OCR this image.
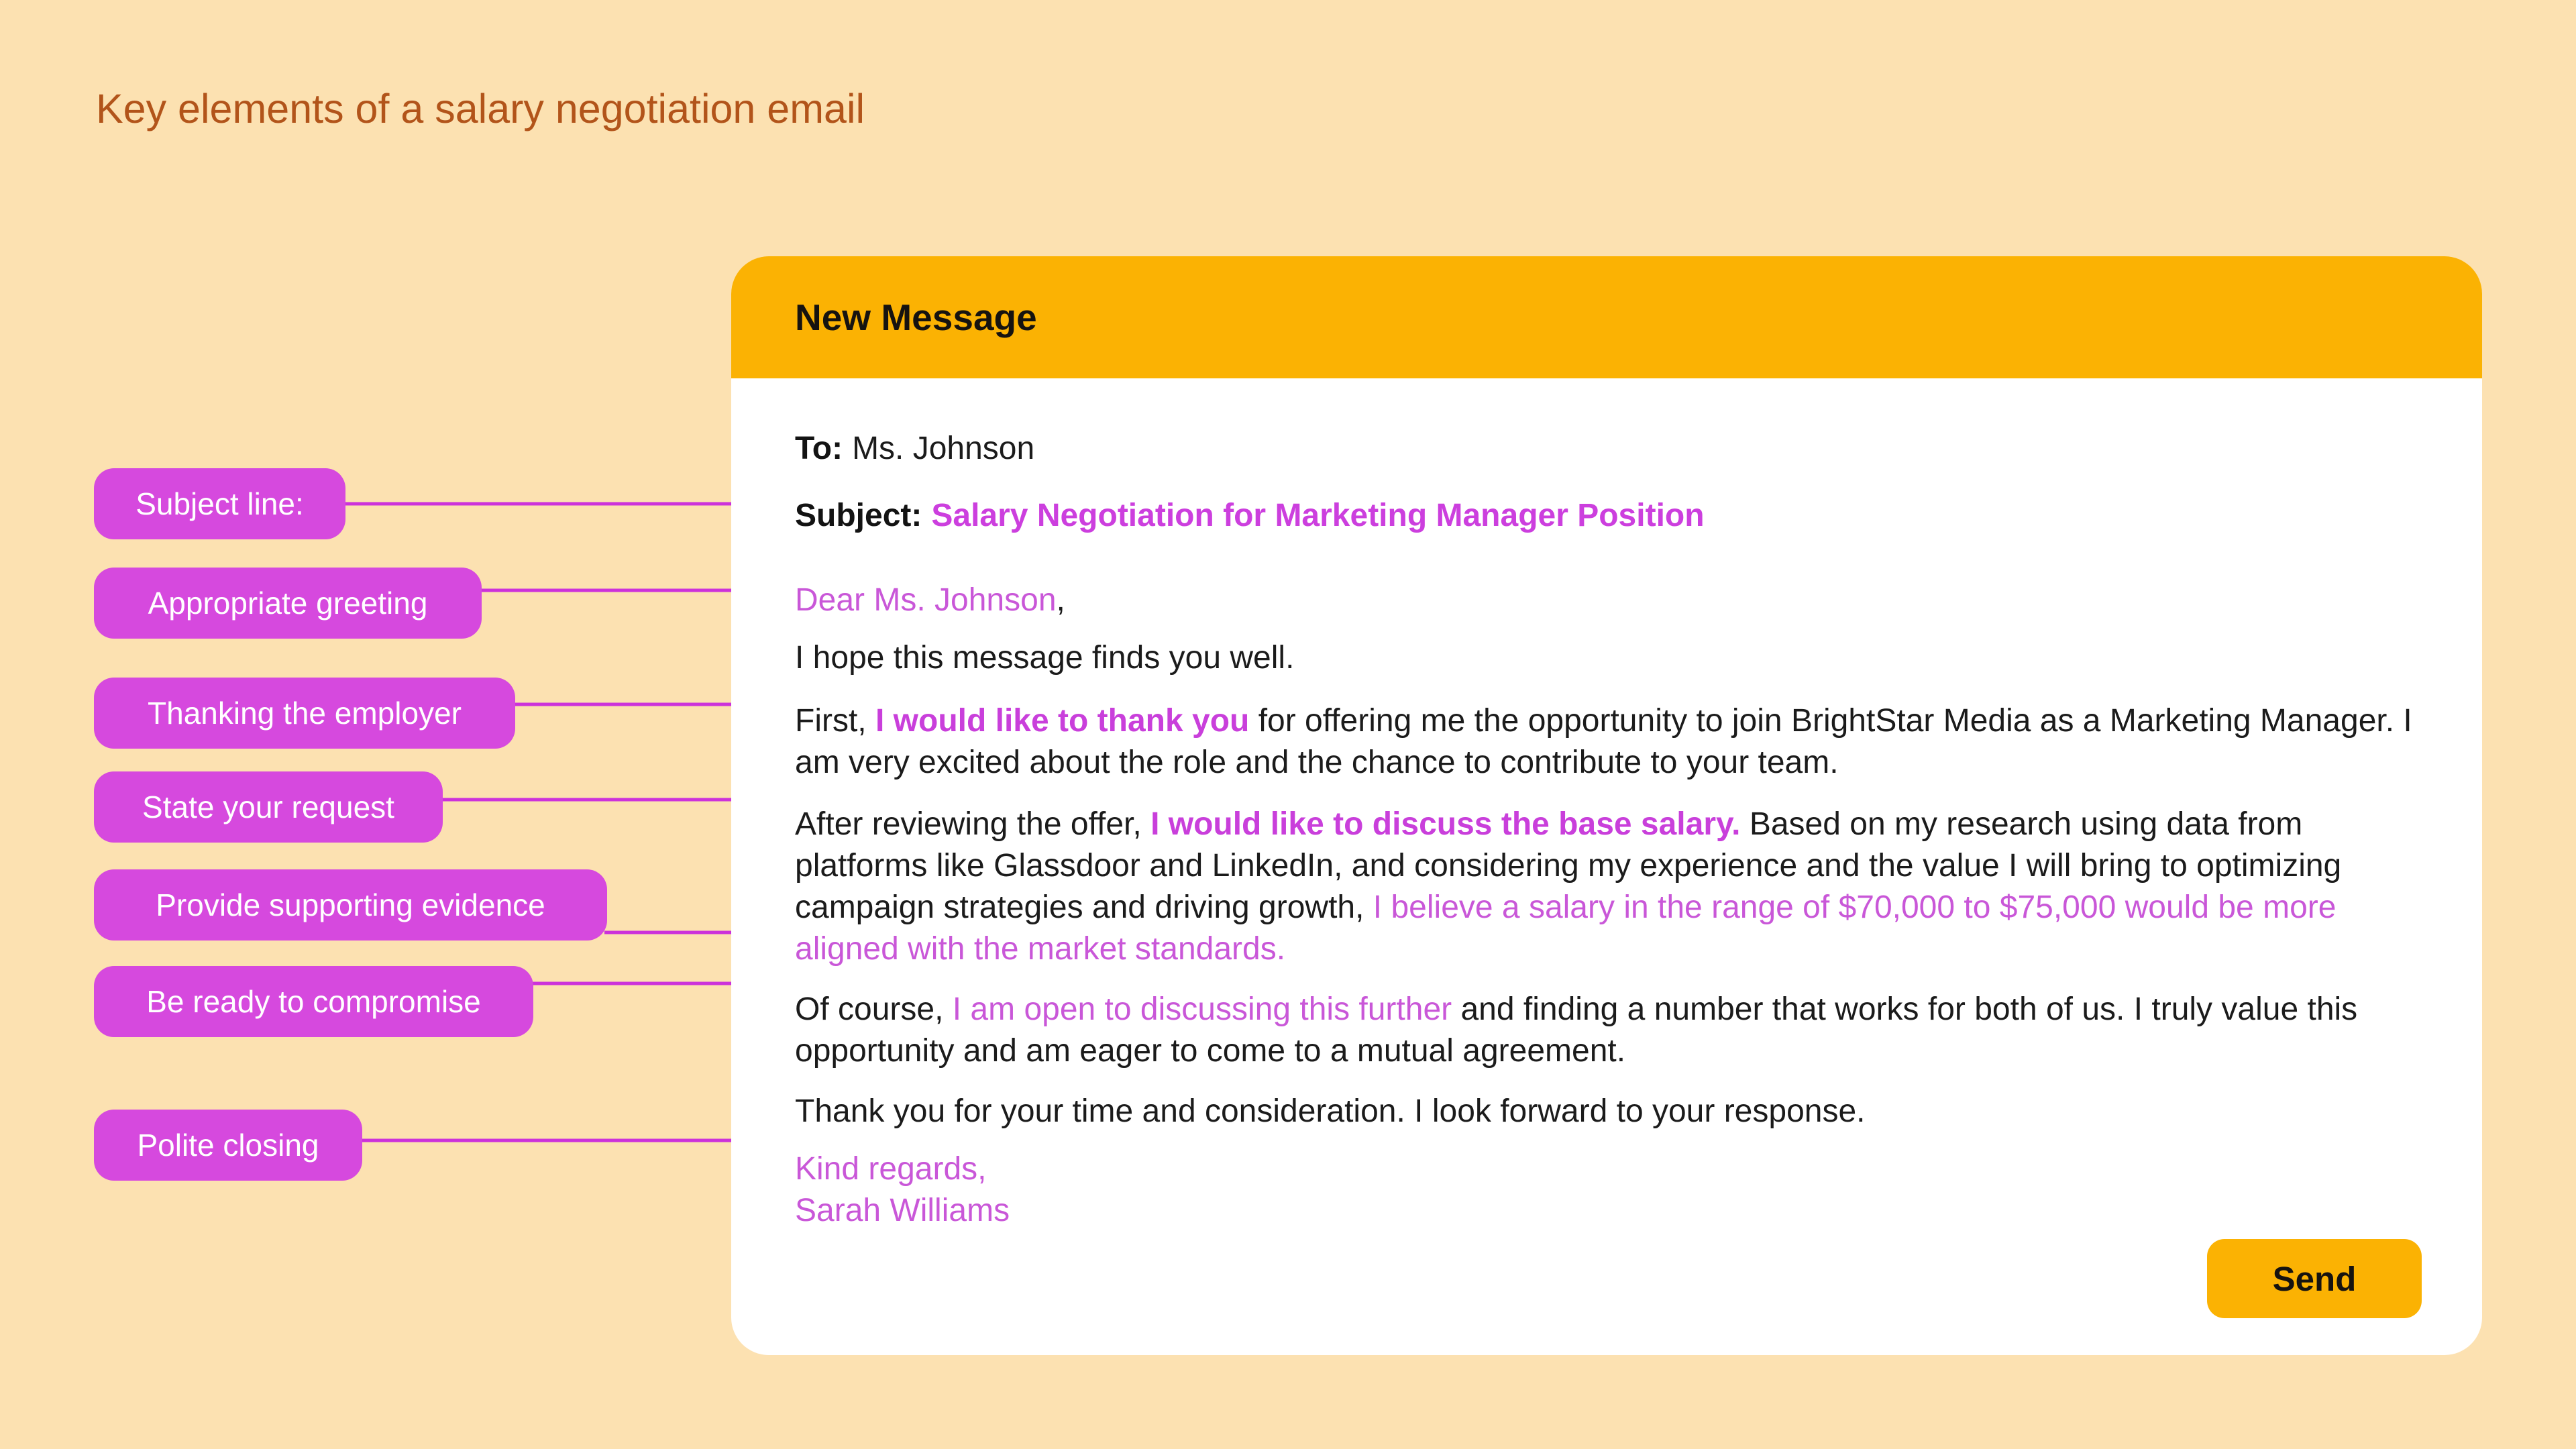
Key elements of a salary negotiation email
Subject line:
Appropriate greeting
Thanking the employer
State your request
Provide supporting evidence
Be ready to compromise
Polite closing
New Message
To: Ms. Johnson
Subject: Salary Negotiation for Marketing Manager Position
Dear Ms. Johnson,
I hope this message finds you well.
First, I would like to thank you for offering me the opportunity to join BrightStar Media as a Marketing Manager. I am very excited about the role and the chance to contribute to your team.
After reviewing the offer, I would like to discuss the base salary. Based on my research using data from platforms like Glassdoor and LinkedIn, and considering my experience and the value I will bring to optimizing campaign strategies and driving growth, I believe a salary in the range of $70,000 to $75,000 would be more aligned with the market standards.
Of course, I am open to discussing this further and finding a number that works for both of us. I truly value this opportunity and am eager to come to a mutual agreement.
Thank you for your time and consideration. I look forward to your response.
Kind regards,
Sarah Williams
Send
